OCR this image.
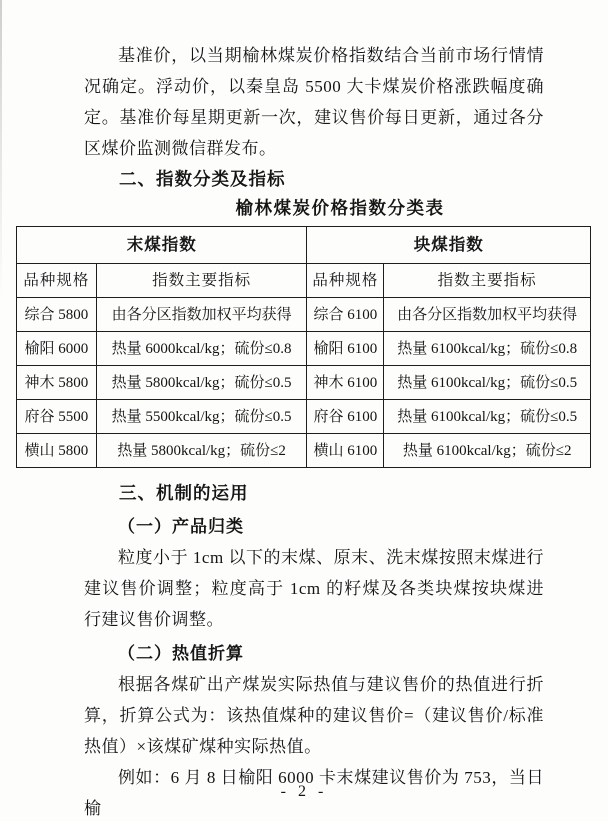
基准价，以当期榆林煤炭价格指数结合当前市场行情情况确定。浮动价，以秦皇岛 5500 大卡煤炭价格涨跌幅度确定。基准价每星期更新一次，建议售价每日更新，通过各分区煤价监测微信群发布。

二、指数分类及指标
榆林煤炭价格指数分类表
末煤指数		块煤指数	
品种规格	指数主要指标	品种规格	指数主要指标
综合 5800	由各分区指数加权平均获得	综合 6100	由各分区指数加权平均获得
榆阳 6000	热量 6000kcal/kg；硫份≤0.8	榆阳 6100	热量 6100kcal/kg；硫份≤0.8
神木 5800	热量 5800kcal/kg；硫份≤0.5	神木 6100	热量 6100kcal/kg；硫份≤0.5
府谷 5500	热量 5500kcal/kg；硫份≤0.5	府谷 6100	热量 6100kcal/kg；硫份≤0.5
横山 5800	热量 5800kcal/kg；硫份≤2	横山 6100	热量 6100kcal/kg；硫份≤2
三、机制的运用
（一）产品归类

粒度小于 1cm 以下的末煤、原末、洗末煤按照末煤进行建议售价调整；粒度高于 1cm 的籽煤及各类块煤按块煤进行建议售价调整。

（二）热值折算

根据各煤矿出产煤炭实际热值与建议售价的热值进行折算，折算公式为：该热值煤种的建议售价=（建议售价/标准热值）×该煤矿煤种实际热值。

例如：6 月 8 日榆阳 6000 卡末煤建议售价为 753，当日榆

- 2 -
